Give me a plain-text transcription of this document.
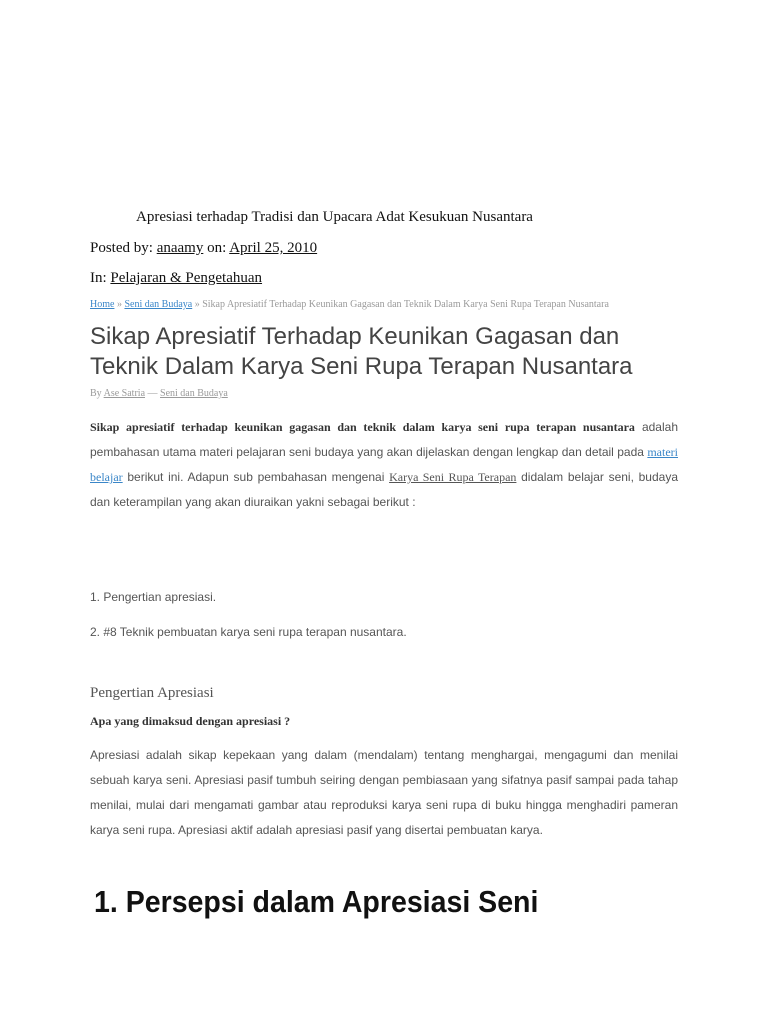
Apresiasi terhadap Tradisi dan Upacara Adat Kesukuan Nusantara
Posted by: anaamy on: April 25, 2010
In: Pelajaran & Pengetahuan
Home » Seni dan Budaya » Sikap Apresiatif Terhadap Keunikan Gagasan dan Teknik Dalam Karya Seni Rupa Terapan Nusantara
Sikap Apresiatif Terhadap Keunikan Gagasan dan Teknik Dalam Karya Seni Rupa Terapan Nusantara
By Ase Satria — Seni dan Budaya

Sikap apresiatif terhadap keunikan gagasan dan teknik dalam karya seni rupa terapan nusantara adalah pembahasan utama materi pelajaran seni budaya yang akan dijelaskan dengan lengkap dan detail pada materi belajar berikut ini. Adapun sub pembahasan mengenai Karya Seni Rupa Terapan didalam belajar seni, budaya dan keterampilan yang akan diuraikan yakni sebagai berikut :

1. Pengertian apresiasi.
2. #8 Teknik pembuatan karya seni rupa terapan nusantara.
Pengertian Apresiasi
Apa yang dimaksud dengan apresiasi ?

Apresiasi adalah sikap kepekaan yang dalam (mendalam) tentang menghargai, mengagumi dan menilai sebuah karya seni. Apresiasi pasif tumbuh seiring dengan pembiasaan yang sifatnya pasif sampai pada tahap menilai, mulai dari mengamati gambar atau reproduksi karya seni rupa di buku hingga menghadiri pameran karya seni rupa. Apresiasi aktif adalah apresiasi pasif yang disertai pembuatan karya.

1. Persepsi dalam Apresiasi Seni
